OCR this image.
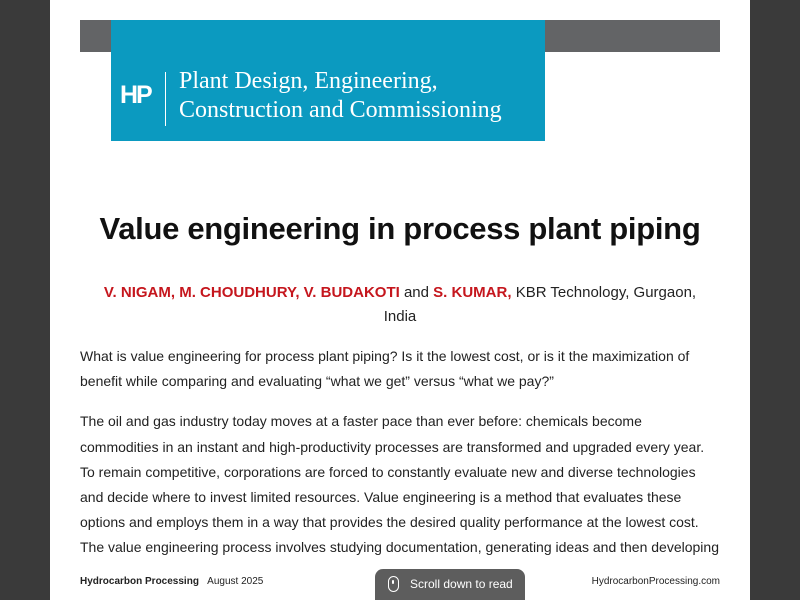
HP Plant Design, Engineering,
Construction and Commissioning
Value engineering in process plant piping
V. NIGAM, M. CHOUDHURY, V. BUDAKOTI and S. KUMAR, KBR Technology, Gurgaon, India

What is value engineering for process plant piping? Is it the lowest cost, or is it the maximization of benefit while comparing and evaluating “what we get” versus “what we pay?”

The oil and gas industry today moves at a faster pace than ever before: chemicals become commodities in an instant and high-productivity processes are transformed and upgraded every year. To remain competitive, corporations are forced to constantly evaluate new and diverse technologies and decide where to invest limited resources. Value engineering is a method that evaluates these options and employs them in a way that provides the desired quality performance at the lowest cost. The value engineering process involves studying documentation, generating ideas and then developing

Hydrocarbon Processing August 2025	HydrocarbonProcessing.com
Scroll down to read
